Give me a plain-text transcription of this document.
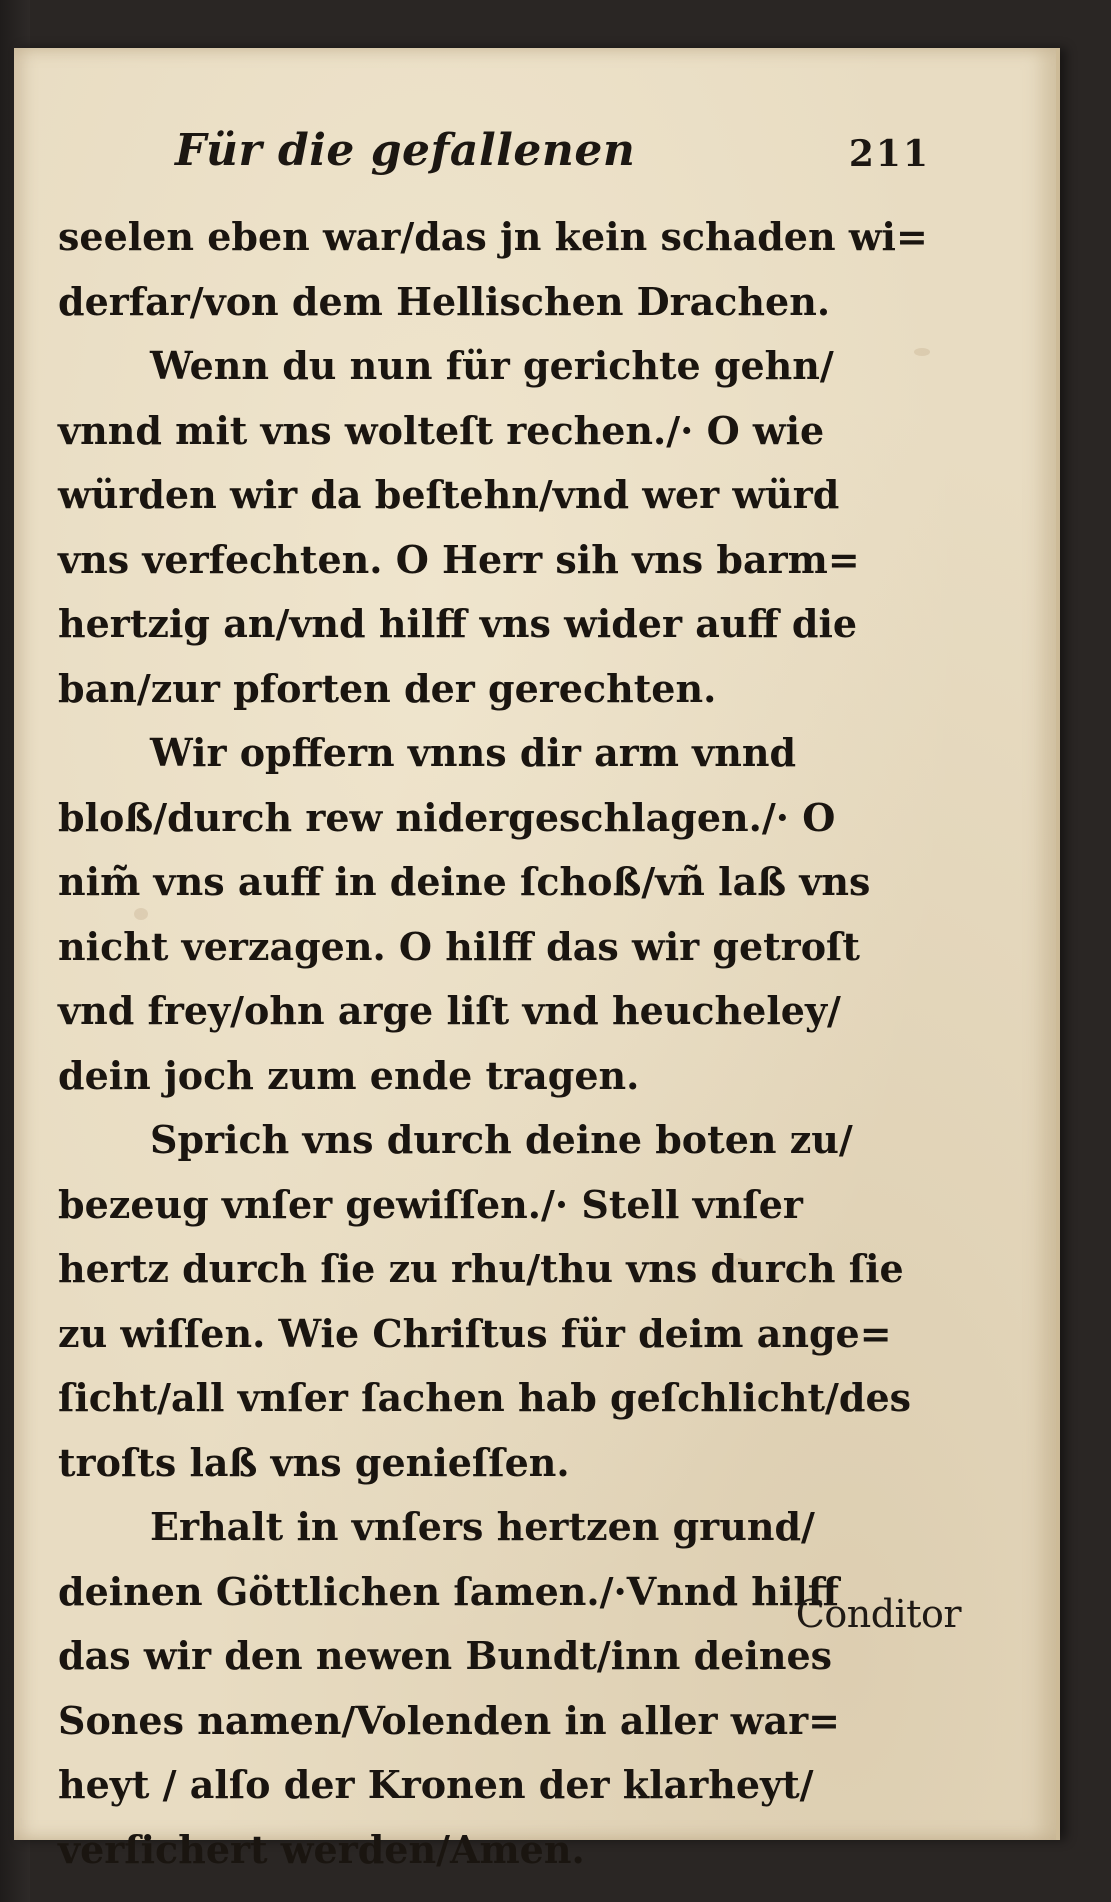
Für die gefallenen	211
seelen eben war/das jn kein schaden wi=
derfar/von dem Hellischen Drachen.
Wenn du nun für gerichte gehn/
vnnd mit vns wolteſt rechen./· O wie
würden wir da beſtehn/vnd wer würd
vns verfechten. O Herr sih vns barm=
hertzig an/vnd hilff vns wider auff die
ban/zur pforten der gerechten.
Wir opffern vnns dir arm vnnd
bloß/durch rew nidergeschlagen./· O
nim̃ vns auff in deine ſchoß/vñ laß vns
nicht verzagen. O hilff das wir getroſt
vnd frey/ohn arge liſt vnd heucheley/
dein joch zum ende tragen.
Sprich vns durch deine boten zu/
bezeug vnſer gewiſſen./· Stell vnſer
hertz durch ſie zu rhu/thu vns durch ſie
zu wiſſen. Wie Chriſtus für deim ange=
ſicht/all vnſer ſachen hab geſchlicht/des
troſts laß vns genieſſen.
Erhalt in vnſers hertzen grund/
deinen Göttlichen ſamen./·Vnnd hilff
das wir den newen Bundt/inn deines
Sones namen/Volenden in aller war=
heyt / alſo der Kronen der klarheyt/
verſichert werden/Amen.
Conditor
